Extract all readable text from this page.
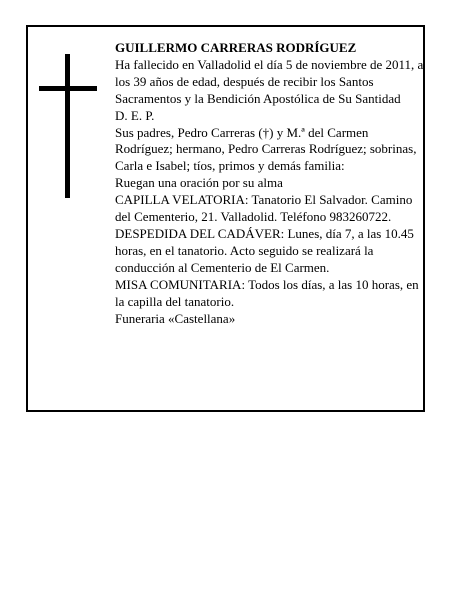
GUILLERMO CARRERAS RODRÍGUEZ

Ha fallecido en Valladolid el día 5 de noviembre de 2011, a los 39 años de edad, después de recibir los Santos Sacramentos y la Bendición Apostólica de Su Santidad

D. E. P.

Sus padres, Pedro Carreras (†) y M.ª del Carmen Rodríguez; hermano, Pedro Carreras Rodríguez; sobrinas, Carla e Isabel; tíos, primos y demás familia:

Ruegan una oración por su alma

CAPILLA VELATORIA: Tanatorio El Salvador. Camino del Cementerio, 21. Valladolid. Teléfono 983260722.

DESPEDIDA DEL CADÁVER: Lunes, día 7, a las 10.45 horas, en el tanatorio. Acto seguido se realizará la conducción al Cementerio de El Carmen.

MISA COMUNITARIA: Todos los días, a las 10 horas, en la capilla del tanatorio.

Funeraria «Castellana»
